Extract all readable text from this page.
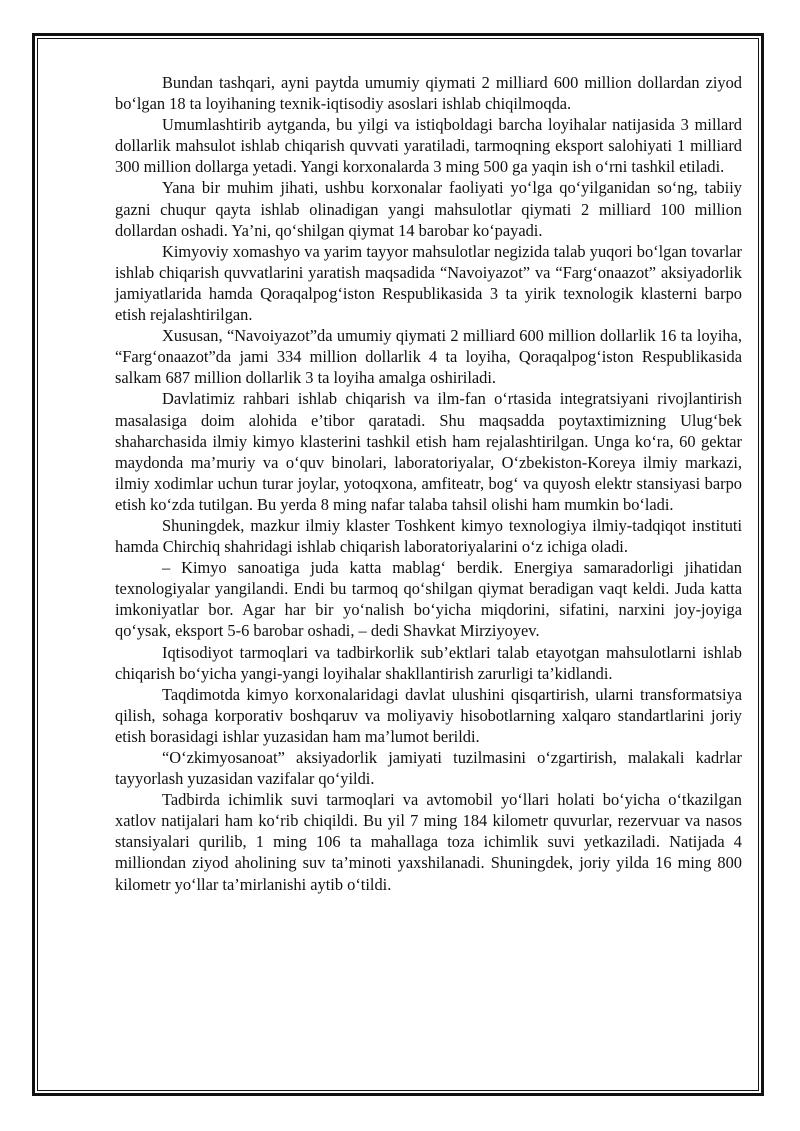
Bundan tashqari, ayni paytda umumiy qiymati 2 milliard 600 million dollardan ziyod bo‘lgan 18 ta loyihaning texnik-iqtisodiy asoslari ishlab chiqilmoqda.

Umumlashtirib aytganda, bu yilgi va istiqboldagi barcha loyihalar natijasida 3 millard dollarlik mahsulot ishlab chiqarish quvvati yaratiladi, tarmoqning eksport salohiyati 1 milliard 300 million dollarga yetadi. Yangi korxonalarda 3 ming 500 ga yaqin ish o‘rni tashkil etiladi.

Yana bir muhim jihati, ushbu korxonalar faoliyati yo‘lga qo‘yilganidan so‘ng, tabiiy gazni chuqur qayta ishlab olinadigan yangi mahsulotlar qiymati 2 milliard 100 million dollardan oshadi. Ya’ni, qo‘shilgan qiymat 14 barobar ko‘payadi.

Kimyoviy xomashyo va yarim tayyor mahsulotlar negizida talab yuqori bo‘lgan tovarlar ishlab chiqarish quvvatlarini yaratish maqsadida “Navoiyazot” va “Farg‘onaazot” aksiyadorlik jamiyatlarida hamda Qoraqalpog‘iston Respublikasida 3 ta yirik texnologik klasterni barpo etish rejalashtirilgan.

Xususan, “Navoiyazot”da umumiy qiymati 2 milliard 600 million dollarlik 16 ta loyiha, “Farg‘onaazot”da jami 334 million dollarlik 4 ta loyiha, Qoraqalpog‘iston Respublikasida salkam 687 million dollarlik 3 ta loyiha amalga oshiriladi.

Davlatimiz rahbari ishlab chiqarish va ilm-fan o‘rtasida integratsiyani rivojlantirish masalasiga doim alohida e’tibor qaratadi. Shu maqsadda poytaxtimizning Ulug‘bek shaharchasida ilmiy kimyo klasterini tashkil etish ham rejalashtirilgan. Unga ko‘ra, 60 gektar maydonda ma’muriy va o‘quv binolari, laboratoriyalar, O‘zbekiston-Koreya ilmiy markazi, ilmiy xodimlar uchun turar joylar, yotoqxona, amfiteatr, bog‘ va quyosh elektr stansiyasi barpo etish ko‘zda tutilgan. Bu yerda 8 ming nafar talaba tahsil olishi ham mumkin bo‘ladi.

Shuningdek, mazkur ilmiy klaster Toshkent kimyo texnologiya ilmiy-tadqiqot instituti hamda Chirchiq shahridagi ishlab chiqarish laboratoriyalarini o‘z ichiga oladi.

– Kimyo sanoatiga juda katta mablag‘ berdik. Energiya samaradorligi jihatidan texnologiyalar yangilandi. Endi bu tarmoq qo‘shilgan qiymat beradigan vaqt keldi. Juda katta imkoniyatlar bor. Agar har bir yo‘nalish bo‘yicha miqdorini, sifatini, narxini joy-joyiga qo‘ysak, eksport 5-6 barobar oshadi, – dedi Shavkat Mirziyoyev.

Iqtisodiyot tarmoqlari va tadbirkorlik sub’ektlari talab etayotgan mahsulotlarni ishlab chiqarish bo‘yicha yangi-yangi loyihalar shakllantirish zarurligi ta’kidlandi.

Taqdimotda kimyo korxonalaridagi davlat ulushini qisqartirish, ularni transformatsiya qilish, sohaga korporativ boshqaruv va moliyaviy hisobotlarning xalqaro standartlarini joriy etish borasidagi ishlar yuzasidan ham ma’lumot berildi.

“O‘zkimyosanoat” aksiyadorlik jamiyati tuzilmasini o‘zgartirish, malakali kadrlar tayyorlash yuzasidan vazifalar qo‘yildi.

Tadbirda ichimlik suvi tarmoqlari va avtomobil yo‘llari holati bo‘yicha o‘tkazilgan xatlov natijalari ham ko‘rib chiqildi. Bu yil 7 ming 184 kilometr quvurlar, rezervuar va nasos stansiyalari qurilib, 1 ming 106 ta mahallaga toza ichimlik suvi yetkaziladi. Natijada 4 milliondan ziyod aholining suv ta’minoti yaxshilanadi. Shuningdek, joriy yilda 16 ming 800 kilometr yo‘llar ta’mirlanishi aytib o‘tildi.
